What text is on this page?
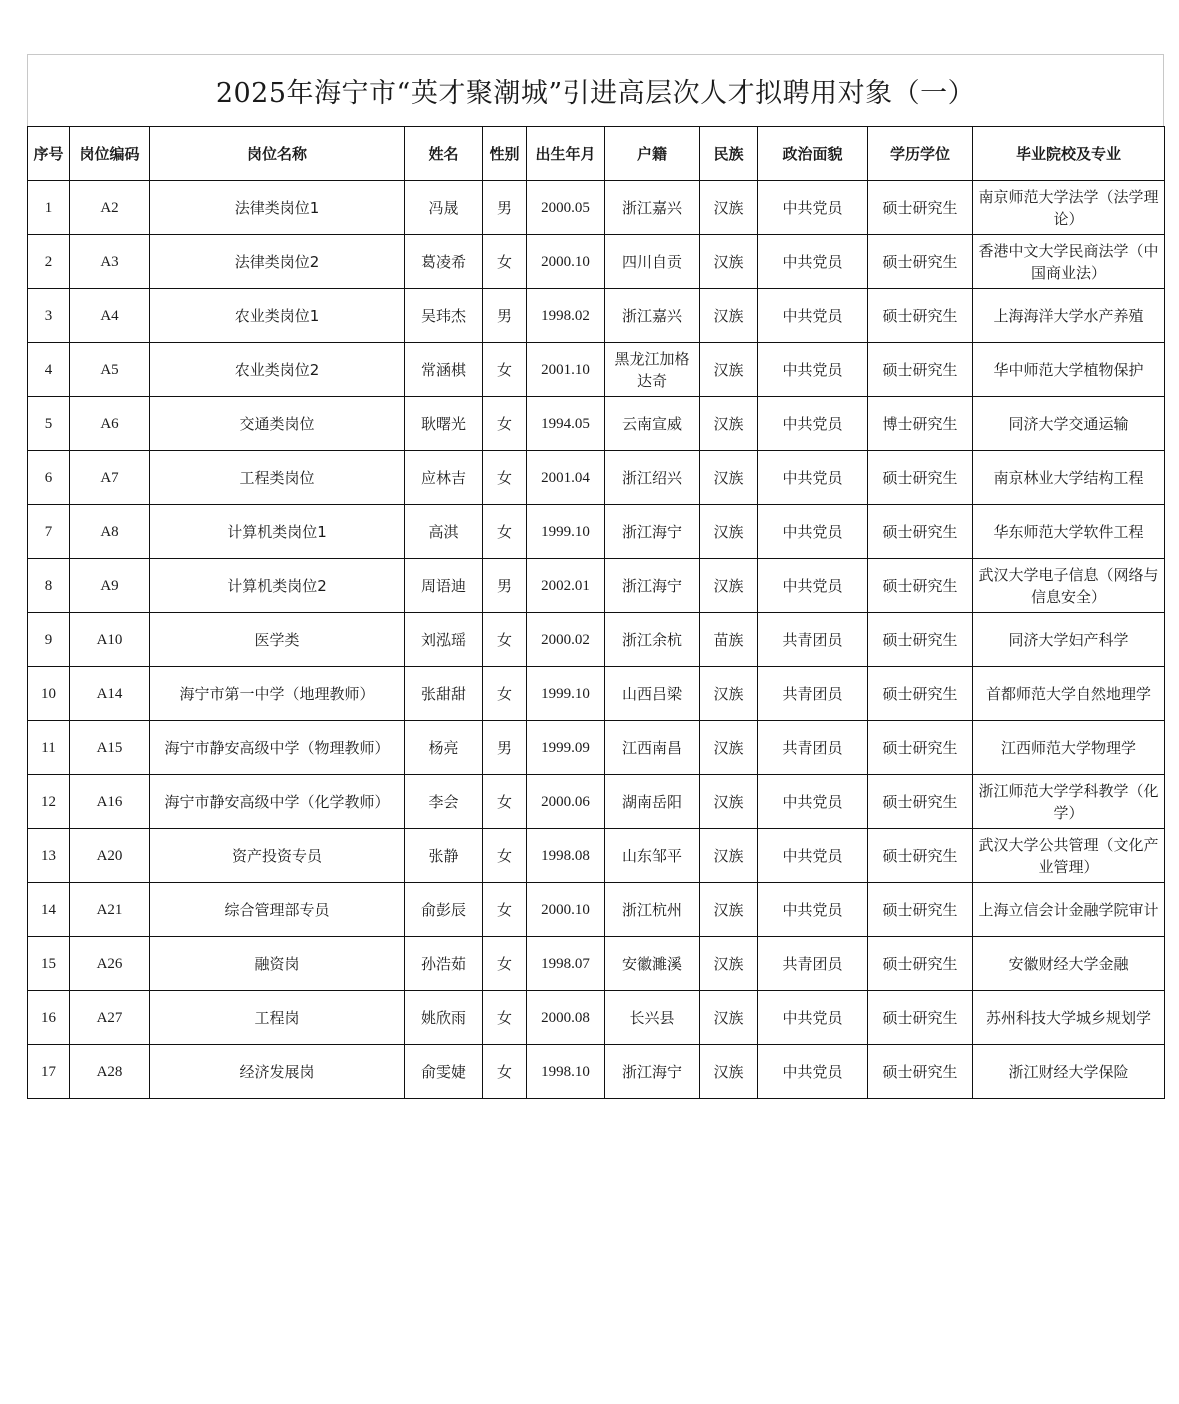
2025年海宁市“英才聚潮城”引进高层次人才拟聘用对象（一）
序号	岗位编码	岗位名称	姓名	性别	出生年月	户籍	民族	政治面貌	学历学位	毕业院校及专业
1	A2	法律类岗位1	冯晟	男	2000.05	浙江嘉兴	汉族	中共党员	硕士研究生	南京师范大学法学（法学理论）
2	A3	法律类岗位2	葛凌希	女	2000.10	四川自贡	汉族	中共党员	硕士研究生	香港中文大学民商法学（中国商业法）
3	A4	农业类岗位1	吴玮杰	男	1998.02	浙江嘉兴	汉族	中共党员	硕士研究生	上海海洋大学水产养殖
4	A5	农业类岗位2	常涵棋	女	2001.10	黑龙江加格达奇	汉族	中共党员	硕士研究生	华中师范大学植物保护
5	A6	交通类岗位	耿曙光	女	1994.05	云南宣威	汉族	中共党员	博士研究生	同济大学交通运输
6	A7	工程类岗位	应林吉	女	2001.04	浙江绍兴	汉族	中共党员	硕士研究生	南京林业大学结构工程
7	A8	计算机类岗位1	高淇	女	1999.10	浙江海宁	汉族	中共党员	硕士研究生	华东师范大学软件工程
8	A9	计算机类岗位2	周语迪	男	2002.01	浙江海宁	汉族	中共党员	硕士研究生	武汉大学电子信息（网络与信息安全）
9	A10	医学类	刘泓瑶	女	2000.02	浙江余杭	苗族	共青团员	硕士研究生	同济大学妇产科学
10	A14	海宁市第一中学（地理教师）	张甜甜	女	1999.10	山西吕梁	汉族	共青团员	硕士研究生	首都师范大学自然地理学
11	A15	海宁市静安高级中学（物理教师）	杨亮	男	1999.09	江西南昌	汉族	共青团员	硕士研究生	江西师范大学物理学
12	A16	海宁市静安高级中学（化学教师）	李会	女	2000.06	湖南岳阳	汉族	中共党员	硕士研究生	浙江师范大学学科教学（化学）
13	A20	资产投资专员	张静	女	1998.08	山东邹平	汉族	中共党员	硕士研究生	武汉大学公共管理（文化产业管理）
14	A21	综合管理部专员	俞彭辰	女	2000.10	浙江杭州	汉族	中共党员	硕士研究生	上海立信会计金融学院审计
15	A26	融资岗	孙浩茹	女	1998.07	安徽濉溪	汉族	共青团员	硕士研究生	安徽财经大学金融
16	A27	工程岗	姚欣雨	女	2000.08	长兴县	汉族	中共党员	硕士研究生	苏州科技大学城乡规划学
17	A28	经济发展岗	俞雯婕	女	1998.10	浙江海宁	汉族	中共党员	硕士研究生	浙江财经大学保险
